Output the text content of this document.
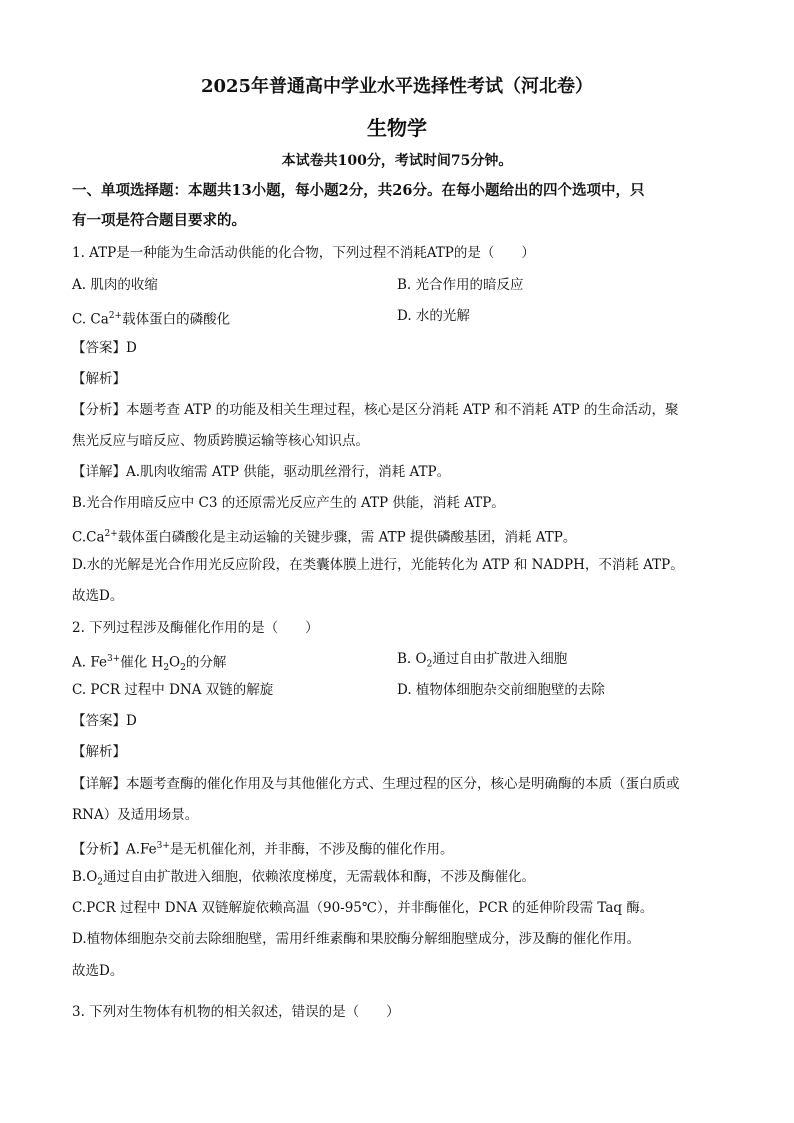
2025年普通高中学业水平选择性考试（河北卷）
生物学
本试卷共100分，考试时间75分钟。
一、单项选择题：本题共13小题，每小题2分，共26分。在每小题给出的四个选项中，只
有一项是符合题目要求的。
1. ATP是一种能为生命活动供能的化合物，下列过程不消耗ATP的是（　　）
A. 肌肉的收缩	B. 光合作用的暗反应
C. $Ca^{2+}$载体蛋白的磷酸化	D. 水的光解
【答案】D
【解析】
【分析】本题考查 ATP 的功能及相关生理过程，核心是区分消耗 ATP 和不消耗 ATP 的生命活动，聚
焦光反应与暗反应、物质跨膜运输等核心知识点。
【详解】A.肌肉收缩需 ATP 供能，驱动肌丝滑行，消耗 ATP。
B.光合作用暗反应中 C3 的还原需光反应产生的 ATP 供能，消耗 ATP。
$C.Ca^{2+}$载体蛋白磷酸化是主动运输的关键步骤，需 ATP 提供磷酸基团，消耗 ATP。
D.水的光解是光合作用光反应阶段，在类囊体膜上进行，光能转化为 ATP 和 NADPH，不消耗 ATP。
故选D。
2. 下列过程涉及酶催化作用的是（　　）
A. $Fe^{3+}$催化 $H_2O_2$的分解	B. $O_2$通过自由扩散进入细胞
C. PCR 过程中 DNA 双链的解旋	D. 植物体细胞杂交前细胞壁的去除
【答案】D
【解析】
【详解】本题考查酶的催化作用及与其他催化方式、生理过程的区分，核心是明确酶的本质（蛋白质或
RNA）及适用场景。
【分析】$A.Fe^{3+}$是无机催化剂，并非酶，不涉及酶的催化作用。
$B.O_2$通过自由扩散进入细胞，依赖浓度梯度，无需载体和酶，不涉及酶催化。
C.PCR 过程中 DNA 双链解旋依赖高温（90-95℃），并非酶催化，PCR 的延伸阶段需 Taq 酶。
D.植物体细胞杂交前去除细胞壁，需用纤维素酶和果胶酶分解细胞壁成分，涉及酶的催化作用。
故选D。
3. 下列对生物体有机物的相关叙述，错误的是（　　）
